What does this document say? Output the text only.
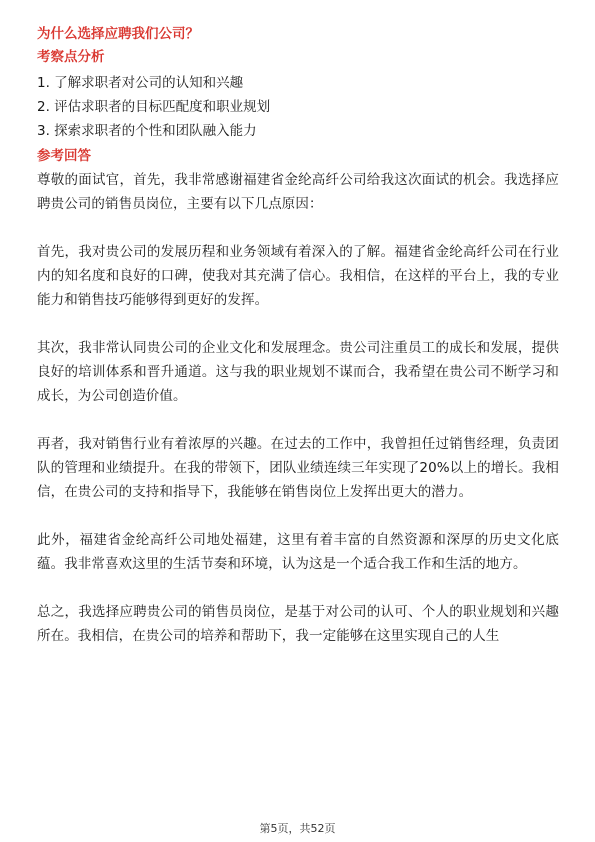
为什么选择应聘我们公司？
考察点分析
1. 了解求职者对公司的认知和兴趣
2. 评估求职者的目标匹配度和职业规划
3. 探索求职者的个性和团队融入能力
参考回答

尊敬的面试官，首先，我非常感谢福建省金纶高纤公司给我这次面试的机会。我选择应聘贵公司的销售员岗位，主要有以下几点原因：

首先，我对贵公司的发展历程和业务领域有着深入的了解。福建省金纶高纤公司在行业内的知名度和良好的口碑，使我对其充满了信心。我相信，在这样的平台上，我的专业能力和销售技巧能够得到更好的发挥。

其次，我非常认同贵公司的企业文化和发展理念。贵公司注重员工的成长和发展，提供良好的培训体系和晋升通道。这与我的职业规划不谋而合，我希望在贵公司不断学习和成长，为公司创造价值。

再者，我对销售行业有着浓厚的兴趣。在过去的工作中，我曾担任过销售经理，负责团队的管理和业绩提升。在我的带领下，团队业绩连续三年实现了20%以上的增长。我相信，在贵公司的支持和指导下，我能够在销售岗位上发挥出更大的潜力。

此外，福建省金纶高纤公司地处福建，这里有着丰富的自然资源和深厚的历史文化底蕴。我非常喜欢这里的生活节奏和环境，认为这是一个适合我工作和生活的地方。

总之，我选择应聘贵公司的销售员岗位，是基于对公司的认可、个人的职业规划和兴趣所在。我相信，在贵公司的培养和帮助下，我一定能够在这里实现自己的人生

第5页，共52页
